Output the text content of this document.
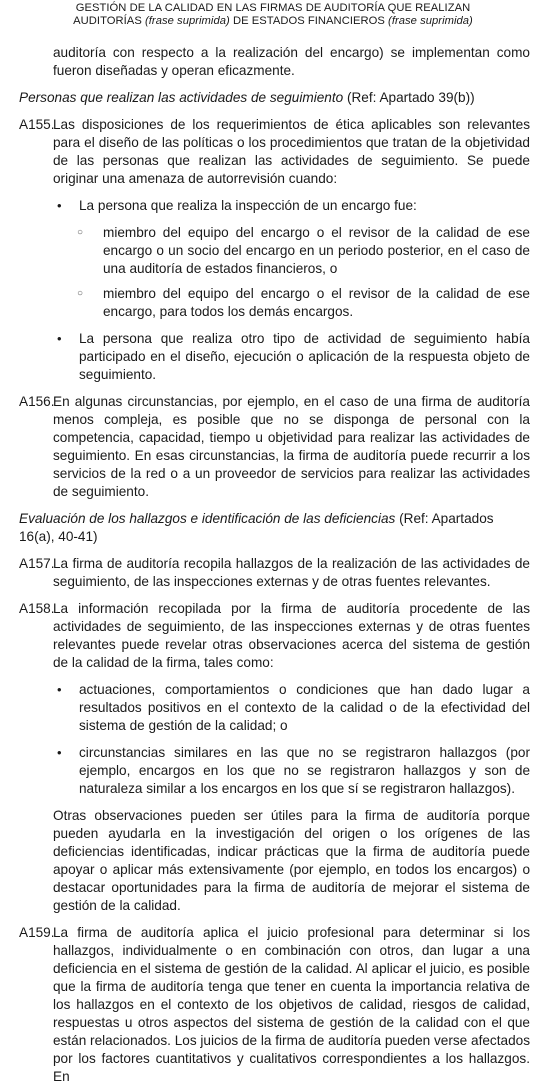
GESTIÓN DE LA CALIDAD EN LAS FIRMAS DE AUDITORÍA QUE REALIZAN
AUDITORÍAS (frase suprimida) DE ESTADOS FINANCIEROS (frase suprimida)

auditoría con respecto a la realización del encargo) se implementan como fueron diseñadas y operan eficazmente.

Personas que realizan las actividades de seguimiento (Ref: Apartado 39(b))

A155.
Las disposiciones de los requerimientos de ética aplicables son relevantes para el diseño de las políticas o los procedimientos que tratan de la objetividad de las personas que realizan las actividades de seguimiento. Se puede originar una amenaza de autorrevisión cuando:
• La persona que realiza la inspección de un encargo fue:
○ miembro del equipo del encargo o el revisor de la calidad de ese encargo o un socio del encargo en un periodo posterior, en el caso de una auditoría de estados financieros, o
○ miembro del equipo del encargo o el revisor de la calidad de ese encargo, para todos los demás encargos.
• La persona que realiza otro tipo de actividad de seguimiento había participado en el diseño, ejecución o aplicación de la respuesta objeto de seguimiento.
A156.
En algunas circunstancias, por ejemplo, en el caso de una firma de auditoría menos compleja, es posible que no se disponga de personal con la competencia, capacidad, tiempo u objetividad para realizar las actividades de seguimiento. En esas circunstancias, la firma de auditoría puede recurrir a los servicios de la red o a un proveedor de servicios para realizar las actividades de seguimiento.

Evaluación de los hallazgos e identificación de las deficiencias (Ref: Apartados 16(a), 40-41)

A157.
La firma de auditoría recopila hallazgos de la realización de las actividades de seguimiento, de las inspecciones externas y de otras fuentes relevantes.
A158.
La información recopilada por la firma de auditoría procedente de las actividades de seguimiento, de las inspecciones externas y de otras fuentes relevantes puede revelar otras observaciones acerca del sistema de gestión de la calidad de la firma, tales como:
• actuaciones, comportamientos o condiciones que han dado lugar a resultados positivos en el contexto de la calidad o de la efectividad del sistema de gestión de la calidad; o
• circunstancias similares en las que no se registraron hallazgos (por ejemplo, encargos en los que no se registraron hallazgos y son de naturaleza similar a los encargos en los que sí se registraron hallazgos).

Otras observaciones pueden ser útiles para la firma de auditoría porque pueden ayudarla en la investigación del origen o los orígenes de las deficiencias identificadas, indicar prácticas que la firma de auditoría puede apoyar o aplicar más extensivamente (por ejemplo, en todos los encargos) o destacar oportunidades para la firma de auditoría de mejorar el sistema de gestión de la calidad.

A159.
La firma de auditoría aplica el juicio profesional para determinar si los hallazgos, individualmente o en combinación con otros, dan lugar a una deficiencia en el sistema de gestión de la calidad. Al aplicar el juicio, es posible que la firma de auditoría tenga que tener en cuenta la importancia relativa de los hallazgos en el contexto de los objetivos de calidad, riesgos de calidad, respuestas u otros aspectos del sistema de gestión de la calidad con el que están relacionados. Los juicios de la firma de auditoría pueden verse afectados por los factores cuantitativos y cualitativos correspondientes a los hallazgos. En
